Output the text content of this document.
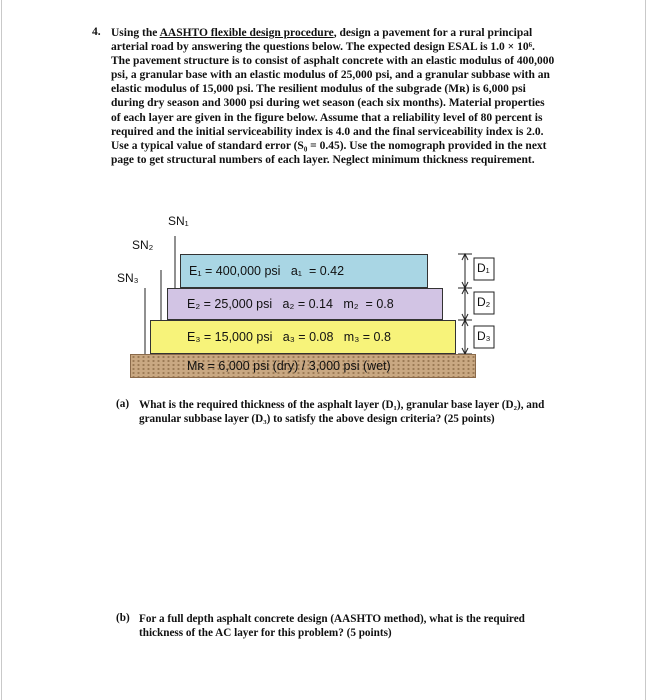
4. Using the AASHTO flexible design procedure, design a pavement for a rural principal arterial road by answering the questions below. The expected design ESAL is 1.0 × 10⁶. The pavement structure is to consist of asphalt concrete with an elastic modulus of 400,000 psi, a granular base with an elastic modulus of 25,000 psi, and a granular subbase with an elastic modulus of 15,000 psi. The resilient modulus of the subgrade (Mʀ) is 6,000 psi during dry season and 3000 psi during wet season (each six months). Material properties of each layer are given in the figure below. Assume that a reliability level of 80 percent is required and the initial serviceability index is 4.0 and the final serviceability index is 2.0. Use a typical value of standard error (S₀ = 0.45). Use the nomograph provided in the next page to get structural numbers of each layer. Neglect minimum thickness requirement.
SN₁
SN₂
SN₃	E₁ = 400,000 psi   a₁  = 0.42
E₂ = 25,000 psi   a₂ = 0.14   m₂  = 0.8
E₃ = 15,000 psi   a₃ = 0.08   m₃ = 0.8
Mʀ = 6,000 psi (dry) / 3,000 psi (wet)
D₁
D₂
D₃
(a) What is the required thickness of the asphalt layer (D₁), granular base layer (D₂), and granular subbase layer (D₃) to satisfy the above design criteria? (25 points)
(b) For a full depth asphalt concrete design (AASHTO method), what is the required thickness of the AC layer for this problem? (5 points)
